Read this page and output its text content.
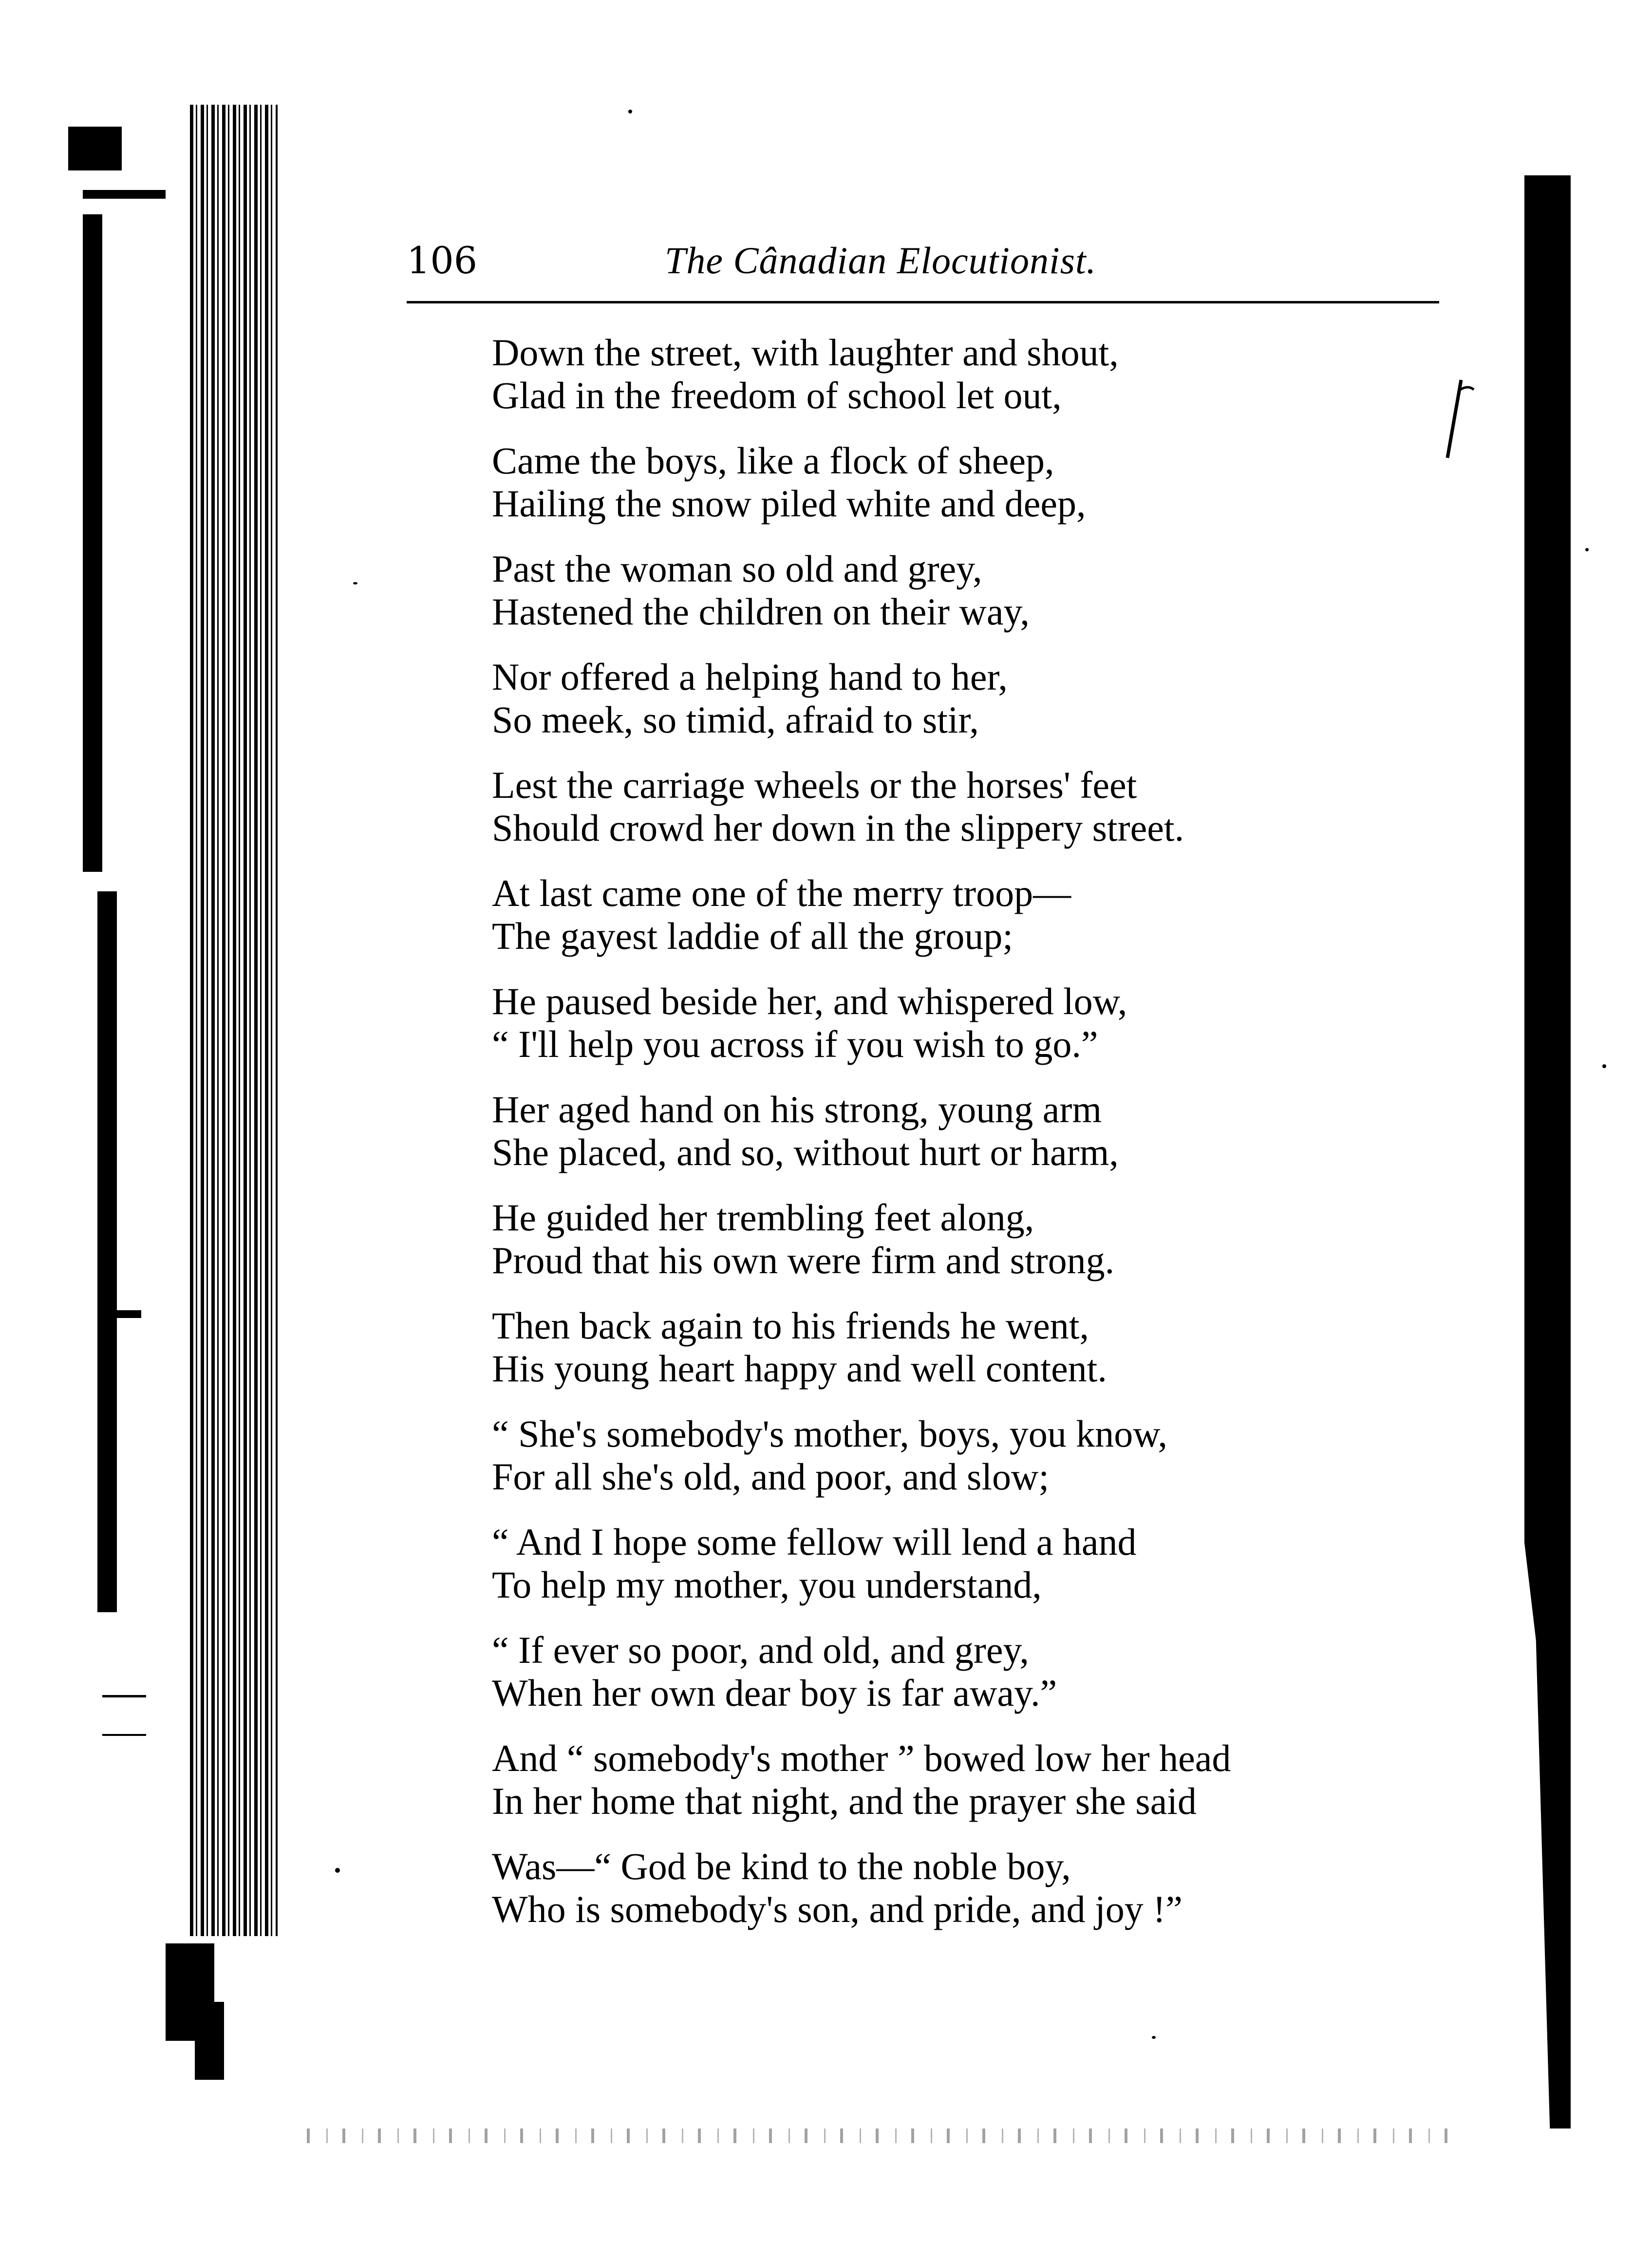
106	The Cânadian Elocutionist.
Down the street, with laughter and shout,
Glad in the freedom of school let out,
Came the boys, like a flock of sheep,
Hailing the snow piled white and deep,
Past the woman so old and grey,
Hastened the children on their way,
Nor offered a helping hand to her,
So meek, so timid, afraid to stir,
Lest the carriage wheels or the horses' feet
Should crowd her down in the slippery street.
At last came one of the merry troop—
The gayest laddie of all the group;
He paused beside her, and whispered low,
“ I'll help you across if you wish to go.”
Her aged hand on his strong, young arm
She placed, and so, without hurt or harm,
He guided her trembling feet along,
Proud that his own were firm and strong.
Then back again to his friends he went,
His young heart happy and well content.
“ She's somebody's mother, boys, you know,
For all she's old, and poor, and slow;
“ And I hope some fellow will lend a hand
To help my mother, you understand,
“ If ever so poor, and old, and grey,
When her own dear boy is far away.”
And “ somebody's mother ” bowed low her head
In her home that night, and the prayer she said
Was—“ God be kind to the noble boy,
Who is somebody's son, and pride, and joy !”
